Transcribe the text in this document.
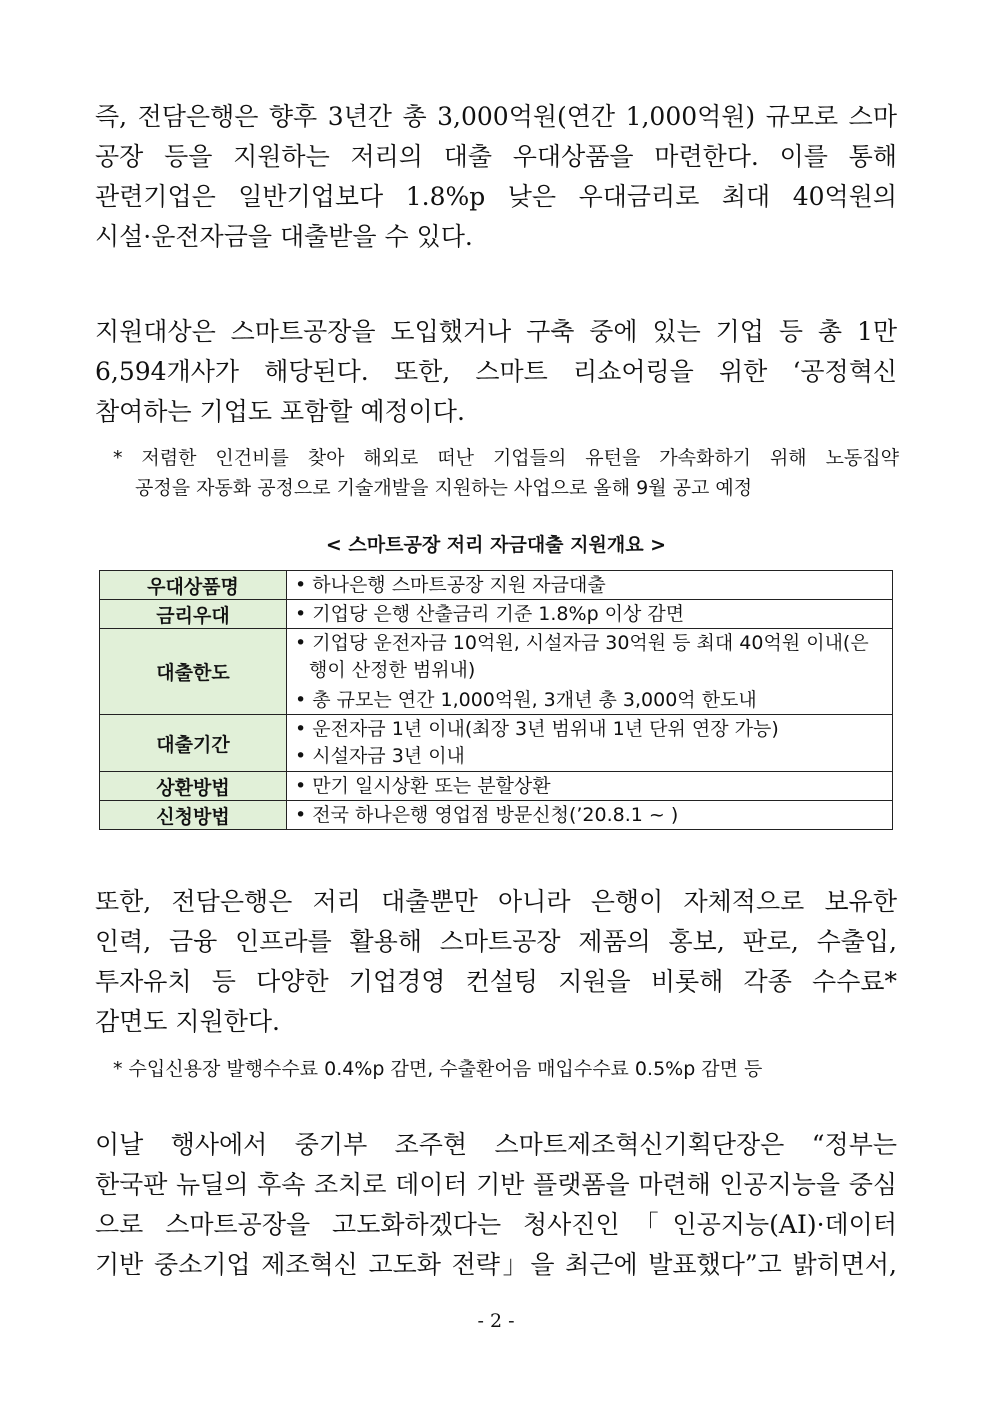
즉, 전담은행은 향후 3년간 총 3,000억원(연간 1,000억원) 규모로 스마
공장 등을 지원하는 저리의 대출 우대상품을 마련한다. 이를 통해
관련기업은 일반기업보다 1.8%p 낮은 우대금리로 최대 40억원의
시설·운전자금을 대출받을 수 있다.
지원대상은 스마트공장을 도입했거나 구축 중에 있는 기업 등 총 1만
6,594개사가 해당된다. 또한, 스마트 리쇼어링을 위한 ‘공정혁신
참여하는 기업도 포함할 예정이다.
* 저렴한 인건비를 찾아 해외로 떠난 기업들의 유턴을 가속화하기 위해 노동집약
공정을 자동화 공정으로 기술개발을 지원하는 사업으로 올해 9월 공고 예정
< 스마트공장 저리 자금대출 지원개요 >
우대상품명	• 하나은행 스마트공장 지원 자금대출

금리우대	• 기업당 은행 산출금리 기준 1.8%p 이상 감면

대출한도	• 기업당 운전자금 10억원, 시설자금 30억원 등 최대 40억원 이내(은행이 산정한 범위내)
• 총 규모는 연간 1,000억원, 3개년 총 3,000억 한도내

대출기간	• 운전자금 1년 이내(최장 3년 범위내 1년 단위 연장 가능)
• 시설자금 3년 이내

상환방법	• 만기 일시상환 또는 분할상환

신청방법	• 전국 하나은행 영업점 방문신청(’20.8.1 ~ )
또한, 전담은행은 저리 대출뿐만 아니라 은행이 자체적으로 보유한
인력, 금융 인프라를 활용해 스마트공장 제품의 홍보, 판로, 수출입,
투자유치 등 다양한 기업경영 컨설팅 지원을 비롯해 각종 수수료*
감면도 지원한다.
* 수입신용장 발행수수료 0.4%p 감면, 수출환어음 매입수수료 0.5%p 감면 등
이날 행사에서 중기부 조주현 스마트제조혁신기획단장은 “정부는
한국판 뉴딜의 후속 조치로 데이터 기반 플랫폼을 마련해 인공지능을 중심
으로 스마트공장을 고도화하겠다는 청사진인「인공지능(AI)·데이터
기반 중소기업 제조혁신 고도화 전략」을 최근에 발표했다”고 밝히면서,
- 2 -
